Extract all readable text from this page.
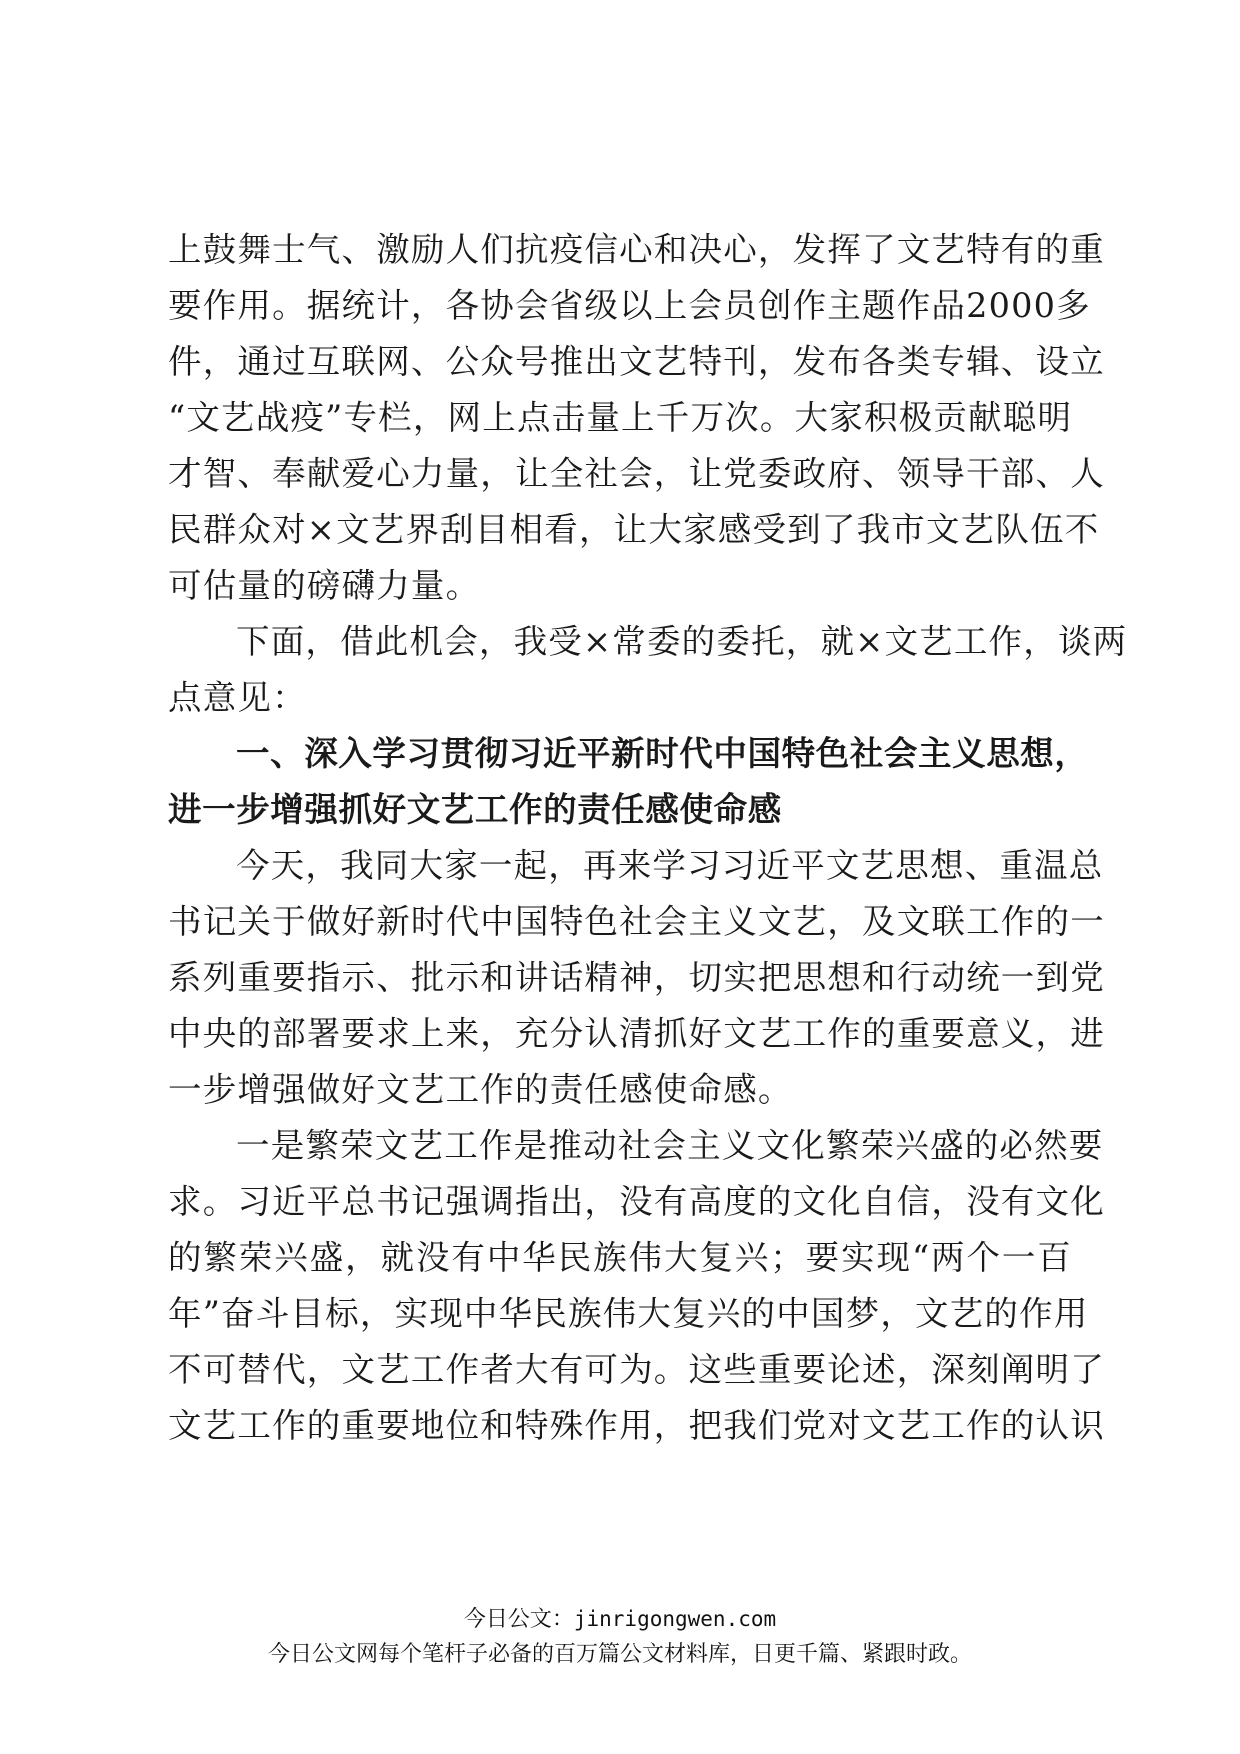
上鼓舞士气、激励人们抗疫信心和决心，发挥了文艺特有的重
要作用。据统计，各协会省级以上会员创作主题作品2000多
件，通过互联网、公众号推出文艺特刊，发布各类专辑、设立
“文艺战疫”专栏，网上点击量上千万次。大家积极贡献聪明
才智、奉献爱心力量，让全社会，让党委政府、领导干部、人
民群众对×文艺界刮目相看，让大家感受到了我市文艺队伍不
可估量的磅礴力量。
下面，借此机会，我受×常委的委托，就×文艺工作，谈两
点意见：
一、深入学习贯彻习近平新时代中国特色社会主义思想，
进一步增强抓好文艺工作的责任感使命感
今天，我同大家一起，再来学习习近平文艺思想、重温总
书记关于做好新时代中国特色社会主义文艺，及文联工作的一
系列重要指示、批示和讲话精神，切实把思想和行动统一到党
中央的部署要求上来，充分认清抓好文艺工作的重要意义，进
一步增强做好文艺工作的责任感使命感。
一是繁荣文艺工作是推动社会主义文化繁荣兴盛的必然要
求。习近平总书记强调指出，没有高度的文化自信，没有文化
的繁荣兴盛，就没有中华民族伟大复兴；要实现“两个一百
年”奋斗目标，实现中华民族伟大复兴的中国梦，文艺的作用
不可替代，文艺工作者大有可为。这些重要论述，深刻阐明了
文艺工作的重要地位和特殊作用，把我们党对文艺工作的认识
今日公文：jinrigongwen.com
今日公文网每个笔杆子必备的百万篇公文材料库，日更千篇、紧跟时政。
